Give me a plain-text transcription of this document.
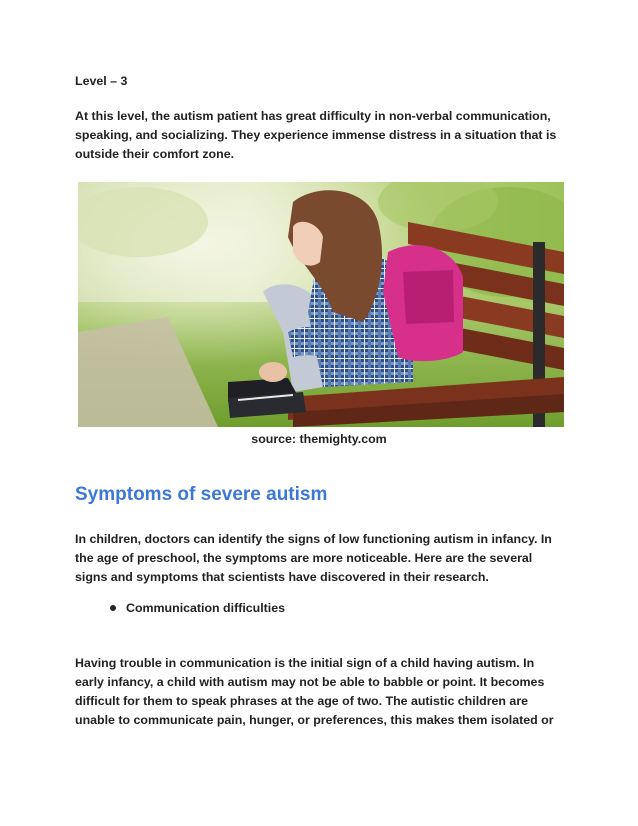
Level – 3

At this level, the autism patient has great difficulty in non-verbal communication, speaking, and socializing. They experience immense distress in a situation that is outside their comfort zone.

source: themighty.com
Symptoms of severe autism

In children, doctors can identify the signs of low functioning autism in infancy. In the age of preschool, the symptoms are more noticeable. Here are the several signs and symptoms that scientists have discovered in their research.

Communication difficulties

Having trouble in communication is the initial sign of a child having autism. In early infancy, a child with autism may not be able to babble or point. It becomes difficult for them to speak phrases at the age of two. The autistic children are unable to communicate pain, hunger, or preferences, this makes them isolated or
